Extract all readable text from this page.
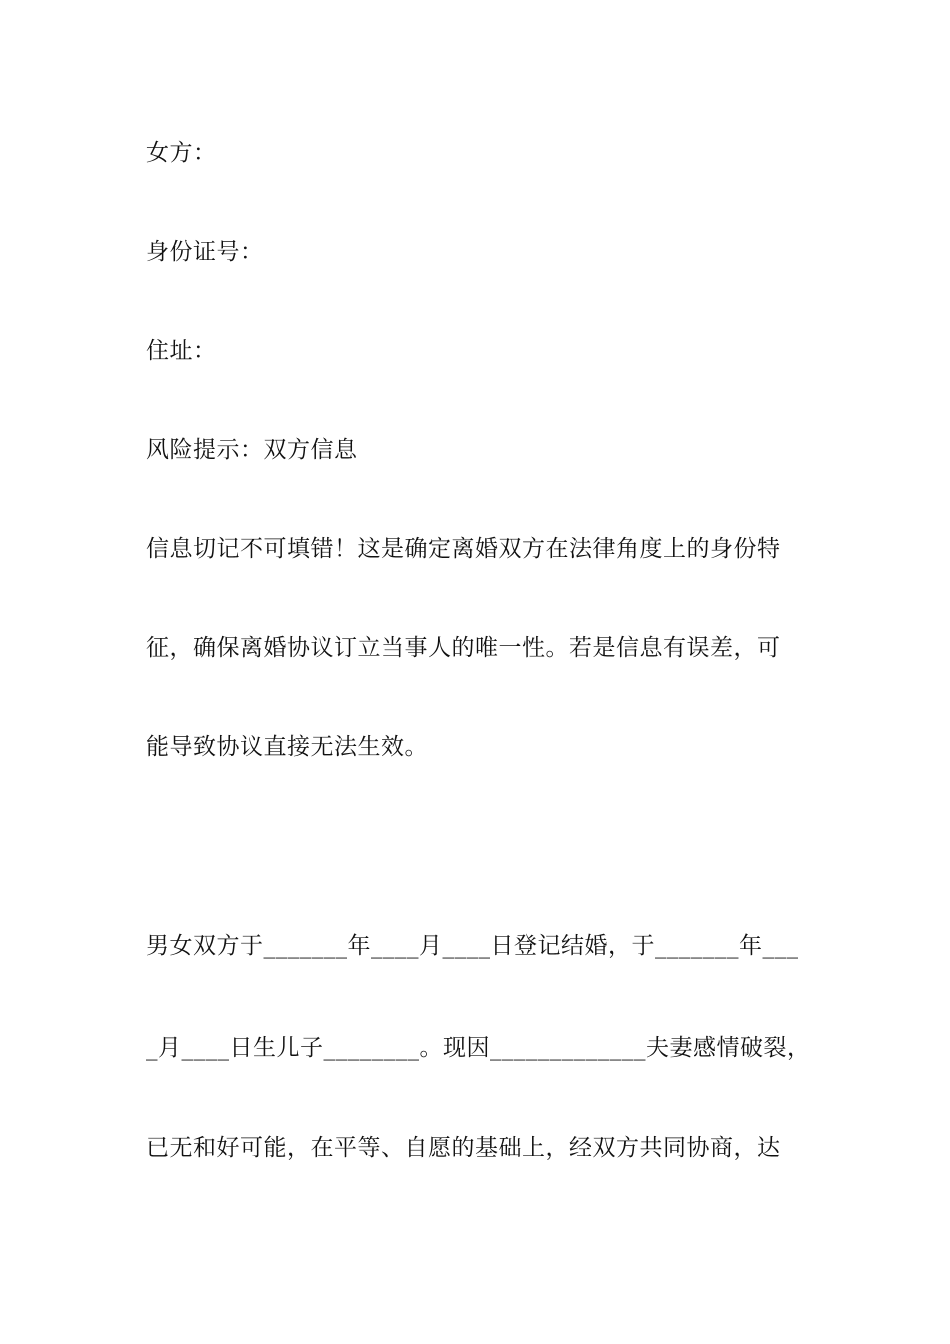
女方：
身份证号：
住址：
风险提示：双方信息
信息切记不可填错！这是确定离婚双方在法律角度上的身份特
征，确保离婚协议订立当事人的唯一性。若是信息有误差，可
能导致协议直接无法生效。
男女双方于_______年____月____日登记结婚，于_______年___
_月____日生儿子________。现因_____________夫妻感情破裂，
已无和好可能，在平等、自愿的基础上，经双方共同协商，达
